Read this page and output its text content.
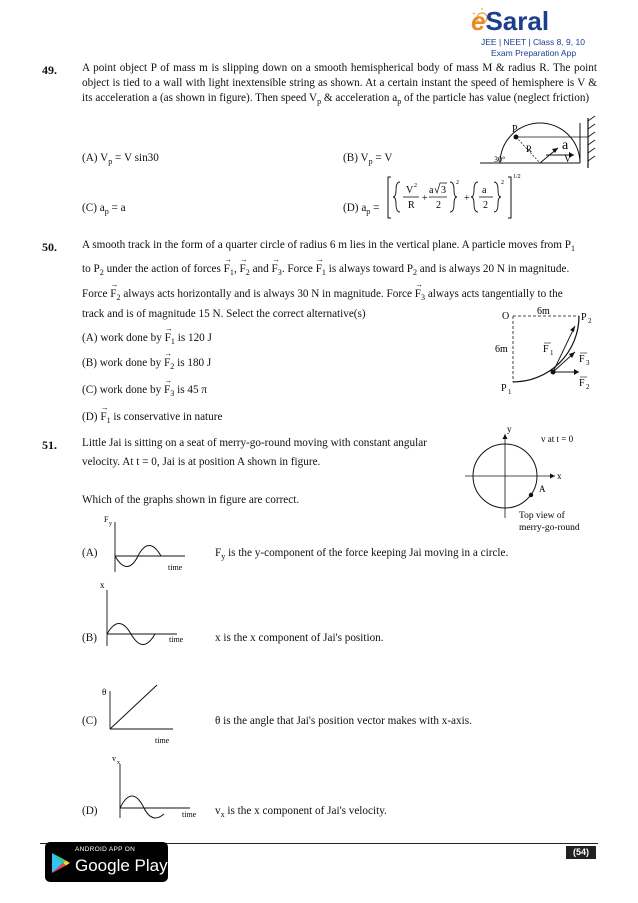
eSaral
JEE | NEET | Class 8, 9, 10
Exam Preparation App
49. A point object P of mass m is slipping down on a smooth hemispherical body of mass M & radius R. The point object is tied to a wall with light inextensible string as shown. At a certain instant the speed of hemisphere is V & its acceleration a (as shown in figure). Then speed $V_p$ & acceleration $a_p$ of the particle has value (neglect friction)
(A) $V_p = V$ sin30	(B) $V_p = V$
(C) $a_p = a$	(D) $a_p$ =
V 2
R
+
a 3
2
2
+
a
2
2
1/2
P
R a
30°	V
50. A smooth track in the form of a quarter circle of radius 6 m lies in the vertical plane. A particle moves from $P_1$
to $P_2$ under the action of forces → $F_1$, → $F_2$ and → $F_3$. Force → $F_1$ is always toward $P_2$ and is always 20 N in magnitude.
Force → $F_2$ always acts horizontally and is always 30 N in magnitude. Force → $F_3$ always acts tangentially to the
track and is of magnitude 15 N. Select the correct alternative(s)
(A) work done by → $F_1$ is 120 J
(B) work done by → $F_2$ is 180 J
(C) work done by → $F_3$ is 45 π
$(D) \to F_1$ is conservative in nature
O	6m
6m
P 2
P 1
F 1
F 3
F 2
51. Little Jai is sitting on a seat of merry-go-round moving with constant angular
velocity. At t = 0, Jai is at position A shown in figure.
Which of the graphs shown in figure are correct.
y
x
A
v at t = 0
Top view of
merry-go-round
(A)
F y
time
$F_y$ is the y-component of the force keeping Jai moving in a circle.
(B)
x
time	x is the x component of Jai's position.
(C)
θ
time
θ is the angle that Jai's position vector makes with x-axis.
(D)
v x
time $v_x$ is the x component of Jai's velocity.
ANDROID APP ON
Google Play
(54)
